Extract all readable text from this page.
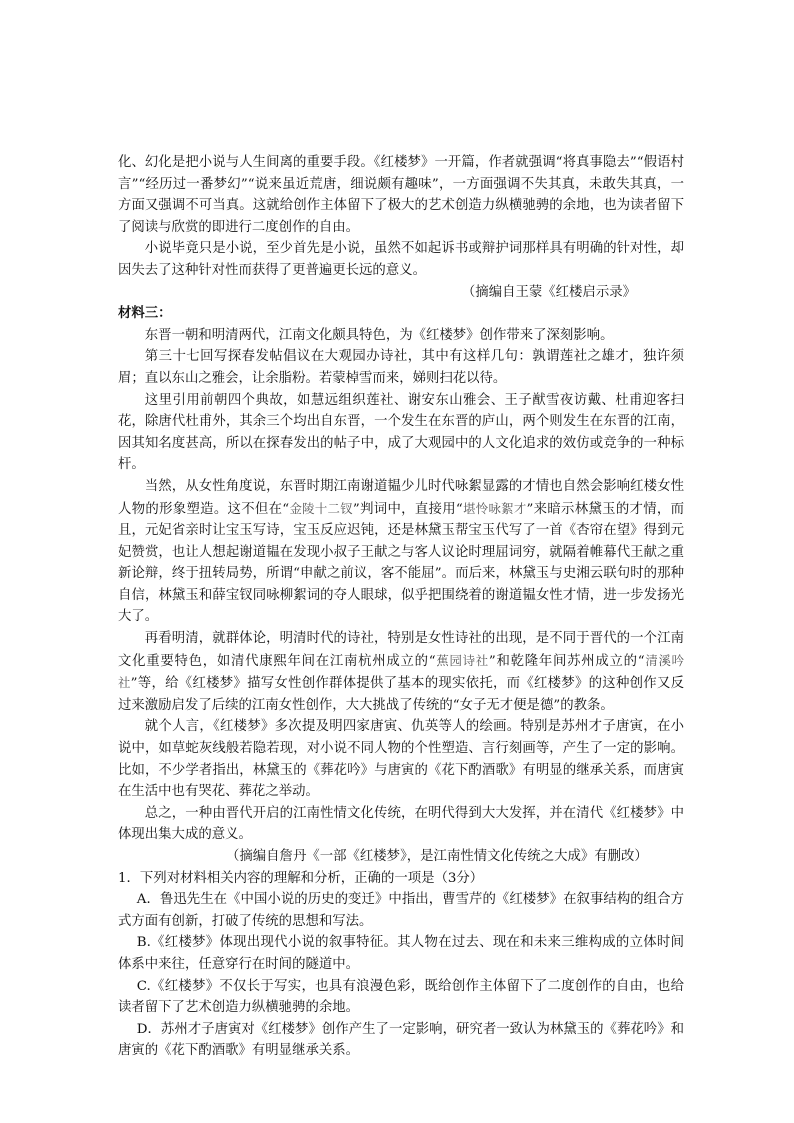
化、幻化是把小说与人生间离的重要手段。《红楼梦》一开篇，作者就强调“将真事隐去”“假语村言”“经历过一番梦幻”“说来虽近荒唐，细说颇有趣味”，一方面强调不失其真，未敢失其真，一方面又强调不可当真。这就给创作主体留下了极大的艺术创造力纵横驰骋的余地，也为读者留下了阅读与欣赏的即进行二度创作的自由。

小说毕竟只是小说，至少首先是小说，虽然不如起诉书或辩护词那样具有明确的针对性，却因失去了这种针对性而获得了更普遍更长远的意义。

（摘编自王蒙《红楼启示录》

材料三：

东晋一朝和明清两代，江南文化颇具特色，为《红楼梦》创作带来了深刻影响。

第三十七回写探春发帖倡议在大观园办诗社，其中有这样几句：孰谓莲社之雄才，独许须眉；直以东山之雅会，让余脂粉。若蒙棹雪而来，娣则扫花以待。

这里引用前朝四个典故，如慧远组织莲社、谢安东山雅会、王子猷雪夜访戴、杜甫迎客扫花，除唐代杜甫外，其余三个均出自东晋，一个发生在东晋的庐山，两个则发生在东晋的江南，因其知名度甚高，所以在探春发出的帖子中，成了大观园中的人文化追求的效仿或竞争的一种标杆。

当然，从女性角度说，东晋时期江南谢道韫少儿时代咏絮显露的才情也自然会影响红楼女性人物的形象塑造。这不但在“金陵十二钗”判词中，直接用“堪怜咏絮才”来暗示林黛玉的才情，而且，元妃省亲时让宝玉写诗，宝玉反应迟钝，还是林黛玉帮宝玉代写了一首《杏帘在望》得到元妃赞赏，也让人想起谢道韫在发现小叔子王献之与客人议论时理屈词穷，就隔着帷幕代王献之重新论辩，终于扭转局势，所谓“申献之前议，客不能屈”。而后来，林黛玉与史湘云联句时的那种自信，林黛玉和薛宝钗同咏柳絮词的夺人眼球，似乎把围绕着的谢道韫女性才情，进一步发扬光大了。

再看明清，就群体论，明清时代的诗社，特别是女性诗社的出现，是不同于晋代的一个江南文化重要特色，如清代康熙年间在江南杭州成立的“蕉园诗社”和乾隆年间苏州成立的“清溪吟社”等，给《红楼梦》描写女性创作群体提供了基本的现实依托，而《红楼梦》的这种创作又反过来激励启发了后续的江南女性创作，大大挑战了传统的“女子无才便是德”的教条。

就个人言，《红楼梦》多次提及明四家唐寅、仇英等人的绘画。特别是苏州才子唐寅，在小说中，如草蛇灰线般若隐若现，对小说不同人物的个性塑造、言行刻画等，产生了一定的影响。比如，不少学者指出，林黛玉的《葬花吟》与唐寅的《花下酌酒歌》有明显的继承关系，而唐寅在生活中也有哭花、葬花之举动。

总之，一种由晋代开启的江南性情文化传统，在明代得到大大发挥，并在清代《红楼梦》中体现出集大成的意义。

（摘编自詹丹《一部《红楼梦》，是江南性情文化传统之大成》有删改）

1．下列对材料相关内容的理解和分析，正确的一项是（3分）

A．鲁迅先生在《中国小说的历史的变迁》中指出，曹雪芹的《红楼梦》在叙事结构的组合方式方面有创新，打破了传统的思想和写法。

B.《红楼梦》体现出现代小说的叙事特征。其人物在过去、现在和未来三维构成的立体时间体系中来往，任意穿行在时间的隧道中。

C.《红楼梦》不仅长于写实，也具有浪漫色彩，既给创作主体留下了二度创作的自由，也给读者留下了艺术创造力纵横驰骋的余地。

D．苏州才子唐寅对《红楼梦》创作产生了一定影响，研究者一致认为林黛玉的《葬花吟》和唐寅的《花下酌酒歌》有明显继承关系。
